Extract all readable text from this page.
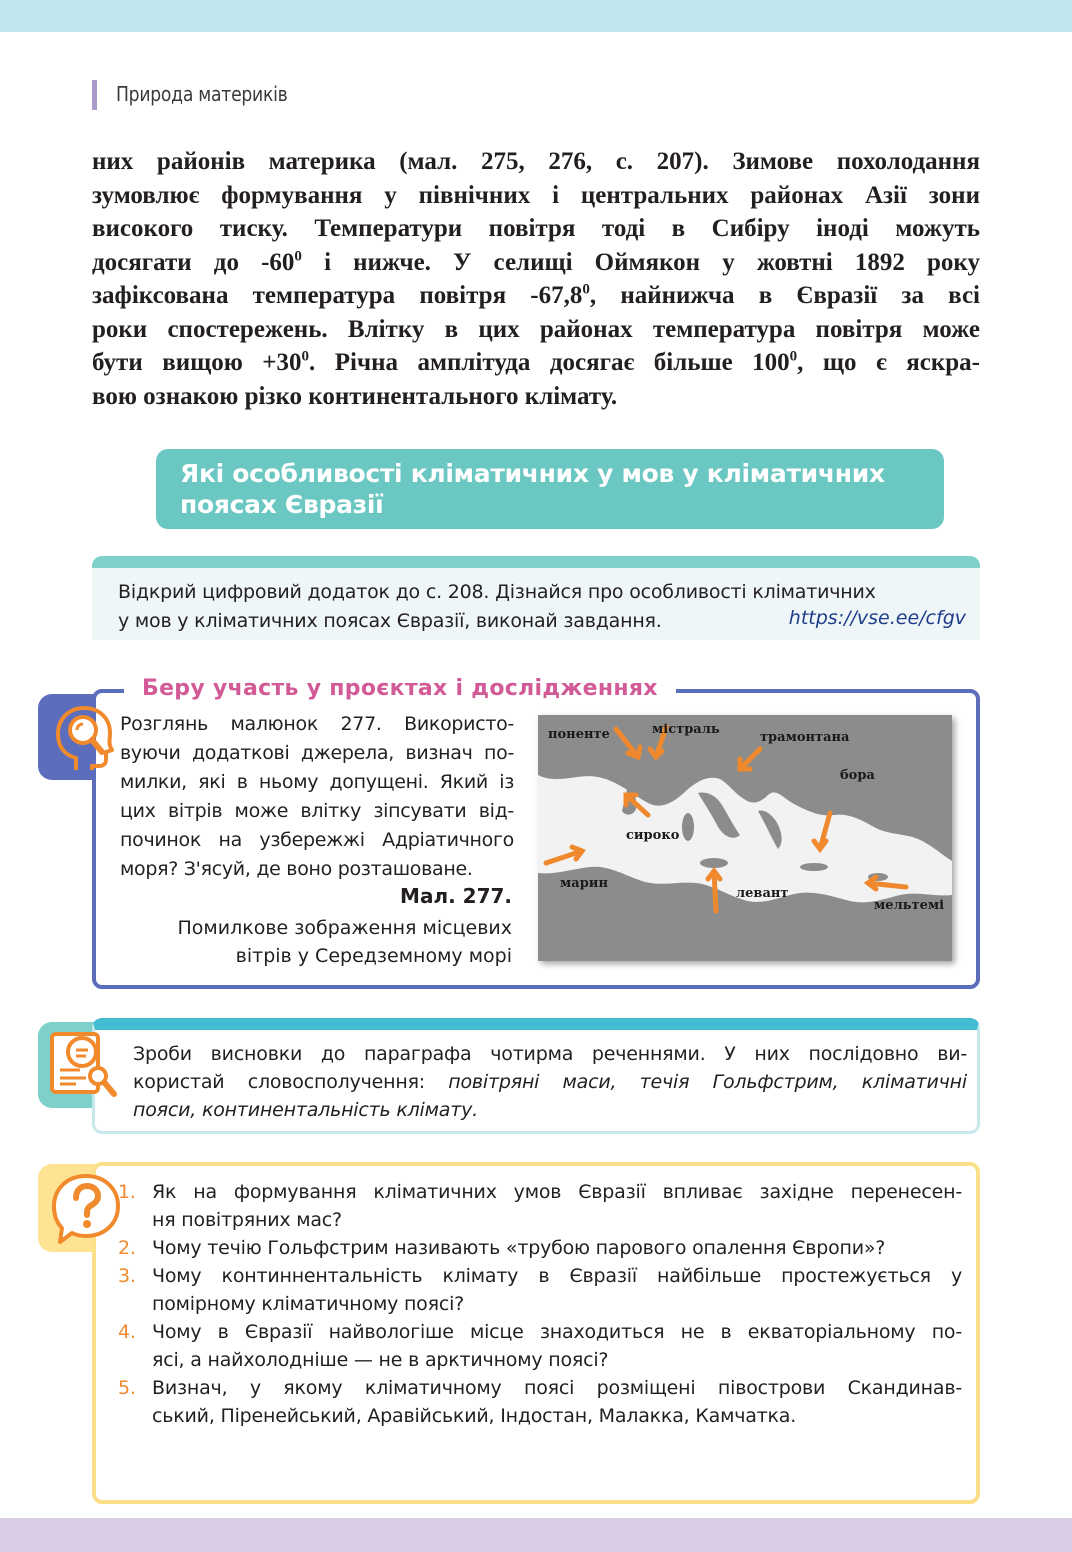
Природа материків
них районів материка (мал. 275, 276, с. 207). Зимове похолодання
зумовлює формування у північних і центральних районах Азії зони
високого тиску. Температури повітря тоді в Сибіру іноді можуть
досягати до $-60^0$ і нижче. У селищі Оймякон у жовтні 1892 року
зафіксована температура повітря -67,8$^0$, найнижча в Євразії за всі
роки спостережень. Влітку в цих районах температура повітря може
бути вищою $+30^0$. Річна амплітуда досягає більше $100^0$, що є яскра-
вою ознакою різко континентального клімату.
Які особливості кліматичних у мов у кліматичних
поясах Євразії
Відкрий цифровий додаток до с. 208. Дізнайся про особливості кліматичних
у мов у кліматичних поясах Євразії, виконай завдання.	https://vse.ee/cfgv
Беру участь у проєктах і дослідженнях
Розглянь малюнок 277. Використо-
вуючи додаткові джерела, визнач по-
милки, які в ньому допущені. Який із
цих вітрів може влітку зіпсувати від-
починок на узбережжі Адріатичного
моря? З'ясуй, де воно розташоване.
Мал. 277.
Помилкове зображення місцевих
вітрів у Середземному морі
поненте	містраль
трамонтана
бора
сироко
марин
левант
мельтемі
Зроби висновки до параграфа чотирма реченнями. У них послідовно ви-
користай словосполучення: повітряні маси, течія Гольфстрим, кліматичні
пояси, континентальність клімату.
1. Як на формування кліматичних умов Євразії впливає західне перенесен-
ня повітряних мас?
2. Чому течію Гольфстрим називають «трубою парового опалення Європи»?
3. Чому континнентальність клімату в Євразії найбільше простежується у
помірному кліматичному поясі?
4. Чому в Євразії найвологіше місце знаходиться не в екваторіальному по-
ясі, а найхолодніше — не в арктичному поясі?
5. Визнач, у якому кліматичному поясі розміщені півострови Скандинав-
ський, Піренейський, Аравійський, Індостан, Малакка, Камчатка.
